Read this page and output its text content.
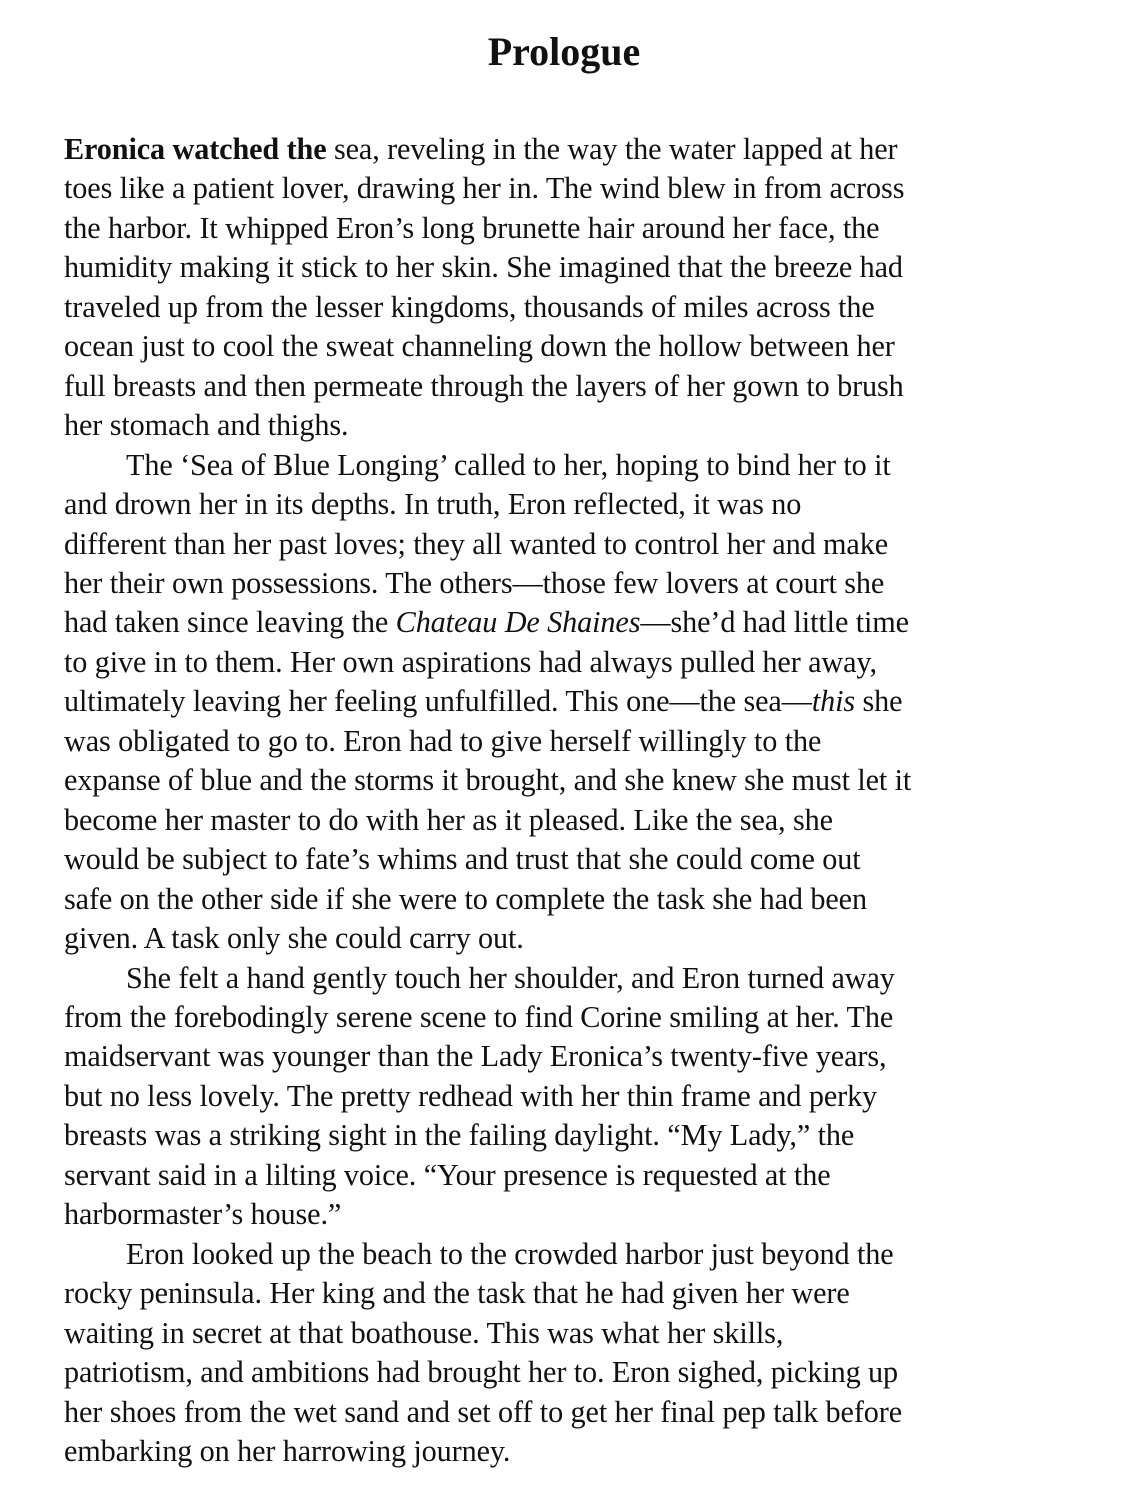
Prologue
Eronica watched the sea, reveling in the way the water lapped at her
toes like a patient lover, drawing her in. The wind blew in from across
the harbor. It whipped Eron’s long brunette hair around her face, the
humidity making it stick to her skin. She imagined that the breeze had
traveled up from the lesser kingdoms, thousands of miles across the
ocean just to cool the sweat channeling down the hollow between her
full breasts and then permeate through the layers of her gown to brush
her stomach and thighs.
The ‘Sea of Blue Longing’ called to her, hoping to bind her to it
and drown her in its depths. In truth, Eron reflected, it was no
different than her past loves; they all wanted to control her and make
her their own possessions. The others—those few lovers at court she
had taken since leaving the Chateau De Shaines—she’d had little time
to give in to them. Her own aspirations had always pulled her away,
ultimately leaving her feeling unfulfilled. This one—the sea—this she
was obligated to go to. Eron had to give herself willingly to the
expanse of blue and the storms it brought, and she knew she must let it
become her master to do with her as it pleased. Like the sea, she
would be subject to fate’s whims and trust that she could come out
safe on the other side if she were to complete the task she had been
given. A task only she could carry out.
She felt a hand gently touch her shoulder, and Eron turned away
from the forebodingly serene scene to find Corine smiling at her. The
maidservant was younger than the Lady Eronica’s twenty-five years,
but no less lovely. The pretty redhead with her thin frame and perky
breasts was a striking sight in the failing daylight. “My Lady,” the
servant said in a lilting voice. “Your presence is requested at the
harbormaster’s house.”
Eron looked up the beach to the crowded harbor just beyond the
rocky peninsula. Her king and the task that he had given her were
waiting in secret at that boathouse. This was what her skills,
patriotism, and ambitions had brought her to. Eron sighed, picking up
her shoes from the wet sand and set off to get her final pep talk before
embarking on her harrowing journey.
